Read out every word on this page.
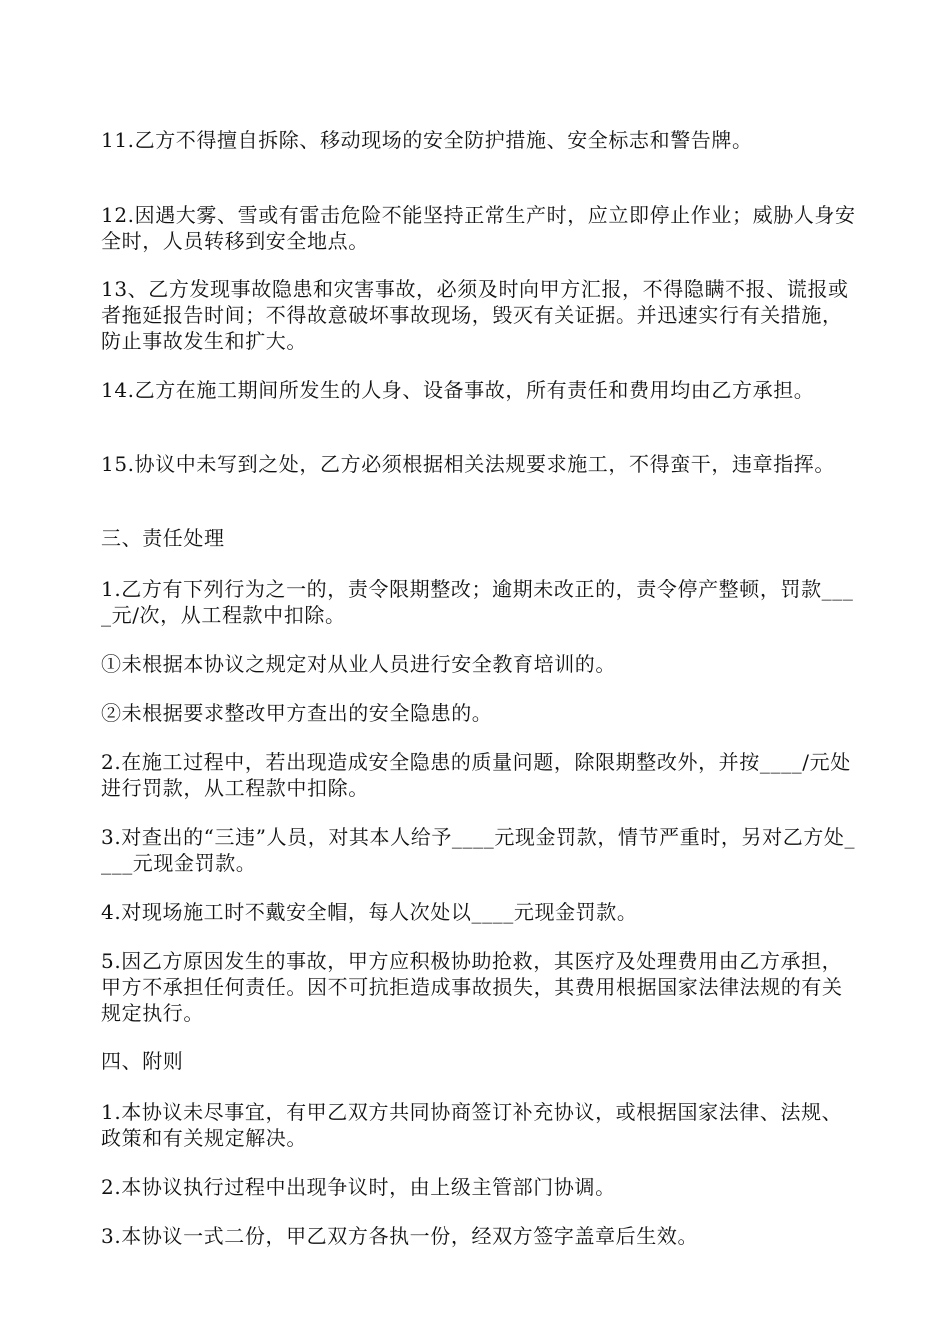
11.乙方不得擅自拆除、移动现场的安全防护措施、安全标志和警告牌。

12.因遇大雾、雪或有雷击危险不能坚持正常生产时，应立即停止作业；威胁人身安全时，人员转移到安全地点。

13、乙方发现事故隐患和灾害事故，必须及时向甲方汇报，不得隐瞒不报、谎报或者拖延报告时间；不得故意破坏事故现场，毁灭有关证据。并迅速实行有关措施，防止事故发生和扩大。

14.乙方在施工期间所发生的人身、设备事故，所有责任和费用均由乙方承担。

15.协议中未写到之处，乙方必须根据相关法规要求施工，不得蛮干，违章指挥。

三、责任处理

1.乙方有下列行为之一的，责令限期整改；逾期未改正的，责令停产整顿，罚款____元/次，从工程款中扣除。

①未根据本协议之规定对从业人员进行安全教育培训的。

②未根据要求整改甲方查出的安全隐患的。

2.在施工过程中，若出现造成安全隐患的质量问题，除限期整改外，并按____/元处进行罚款，从工程款中扣除。

3.对查出的“三违”人员，对其本人给予____元现金罚款，情节严重时，另对乙方处____元现金罚款。

4.对现场施工时不戴安全帽，每人次处以____元现金罚款。

5.因乙方原因发生的事故，甲方应积极协助抢救，其医疗及处理费用由乙方承担，甲方不承担任何责任。因不可抗拒造成事故损失，其费用根据国家法律法规的有关规定执行。

四、附则

1.本协议未尽事宜，有甲乙双方共同协商签订补充协议，或根据国家法律、法规、政策和有关规定解决。

2.本协议执行过程中出现争议时，由上级主管部门协调。

3.本协议一式二份，甲乙双方各执一份，经双方签字盖章后生效。
